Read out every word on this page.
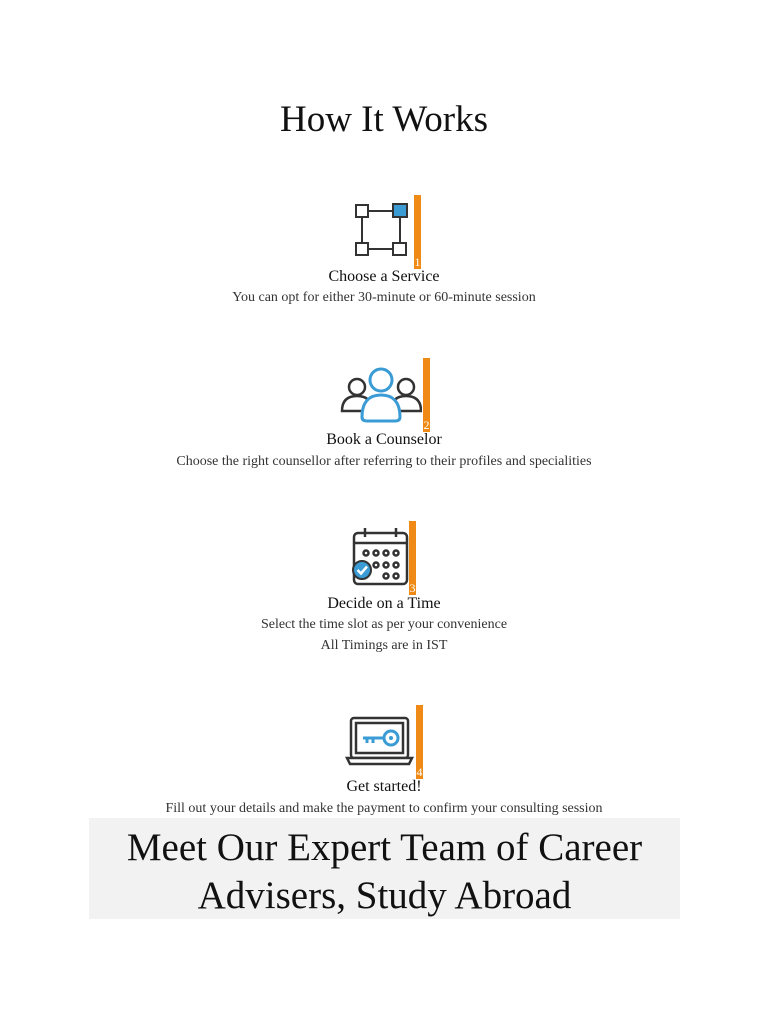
How It Works
1
Choose a Service
You can opt for either 30-minute or 60-minute session
2
Book a Counselor
Choose the right counsellor after referring to their profiles and specialities
3
Decide on a Time
Select the time slot as per your convenience
All Timings are in IST
4
Get started!
Fill out your details and make the payment to confirm your consulting session
Meet Our Expert Team of Career
Advisers, Study Abroad
